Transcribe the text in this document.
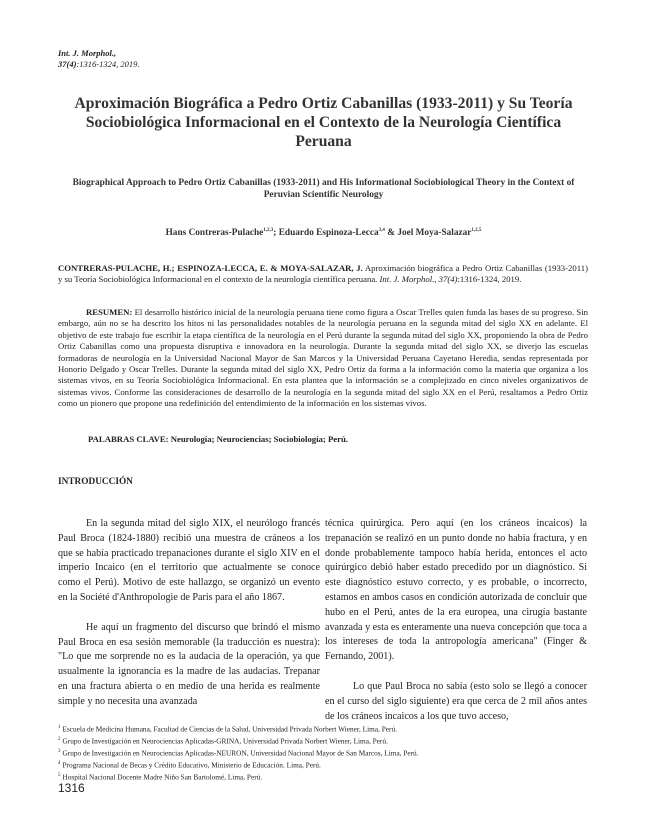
Int. J. Morphol.,
37(4):1316-1324, 2019.
Aproximación Biográfica a Pedro Ortiz Cabanillas (1933-2011) y Su Teoría Sociobiológica Informacional en el Contexto de la Neurología Científica Peruana
Biographical Approach to Pedro Ortiz Cabanillas (1933-2011) and His Informational Sociobiological Theory in the Context of Peruvian Scientific Neurology
Hans Contreras-Pulache$^{1,2,3}$; Eduardo Espinoza-Lecca$^{3,4}$ & Joel Moya-Salazar$^{1,2,5}$
CONTRERAS-PULACHE, H.; ESPINOZA-LECCA, E. & MOYA-SALAZAR, J. Aproximación biográfica a Pedro Ortiz Cabanillas (1933-2011) y su Teoría Sociobiológica Informacional en el contexto de la neurología científica peruana. Int. J. Morphol., 37(4):1316-1324, 2019.
RESUMEN: El desarrollo histórico inicial de la neurología peruana tiene como figura a Oscar Trelles quien funda las bases de su progreso. Sin embargo, aún no se ha descrito los hitos ni las personalidades notables de la neurología peruana en la segunda mitad del siglo XX en adelante. El objetivo de este trabajo fue escribir la etapa científica de la neurología en el Perú durante la segunda mitad del siglo XX, proponiendo la obra de Pedro Ortiz Cabanillas como una propuesta disruptiva e innovadora en la neurología. Durante la segunda mitad del siglo XX, se diverjo las escuelas formadoras de neurología en la Universidad Nacional Mayor de San Marcos y la Universidad Peruana Cayetano Heredia, sendas representada por Honorio Delgado y Oscar Trelles. Durante la segunda mitad del siglo XX, Pedro Ortiz da forma a la información como la materia que organiza a los sistemas vivos, en su Teoría Sociobiológica Informacional. En esta plantea que la información se a complejizado en cinco niveles organizativos de sistemas vivos. Conforme las consideraciones de desarrollo de la neurología en la segunda mitad del siglo XX en el Perú, resaltamos a Pedro Ortiz como un pionero que propone una redefinición del entendimiento de la información en los sistemas vivos.
PALABRAS CLAVE: Neurología; Neurociencias; Sociobiología; Perú.
INTRODUCCIÓN

En la segunda mitad del siglo XIX, el neurólogo francés Paul Broca (1824-1880) recibió una muestra de cráneos a los que se había practicado trepanaciones durante el siglo XIV en el imperio Incaico (en el territorio que actualmente se conoce como el Perú). Motivo de este hallazgo, se organizó un evento en la Société d'Anthropologie de Paris para el año 1867.

He aquí un fragmento del discurso que brindó el mismo Paul Broca en esa sesión memorable (la traducción es nuestra): "Lo que me sorprende no es la audacia de la operación, ya que usualmente la ignorancia es la madre de las audacias. Trepanar en una fractura abierta o en medio de una herida es realmente simple y no necesita una avanzada

técnica quirúrgica. Pero aquí (en los cráneos incaicos) la trepanación se realizó en un punto donde no había fractura, y en donde probablemente tampoco había herida, entonces el acto quirúrgico debió haber estado precedido por un diagnóstico. Si este diagnóstico estuvo correcto, y es probable, o incorrecto, estamos en ambos casos en condición autorizada de concluir que hubo en el Perú, antes de la era europea, una cirugía bastante avanzada y esta es enteramente una nueva concepción que toca a los intereses de toda la antropología americana" (Finger & Fernando, 2001).

Lo que Paul Broca no sabía (esto solo se llegó a conocer en el curso del siglo siguiente) era que cerca de 2 mil años antes de los cráneos incaicos a los que tuvo acceso,

$^1$ Escuela de Medicina Humana, Facultad de Ciencias de la Salud, Universidad Privada Norbert Wiener, Lima, Perú.
$^2$ Grupo de Investigación en Neurociencias Aplicadas-GRINA, Universidad Privada Norbert Wiener, Lima, Perú.
$^3$ Grupo de Investigación en Neurociencias Aplicadas-NEURON, Universidad Nacional Mayor de San Marcos, Lima, Perú.
$^4$ Programa Nacional de Becas y Crédito Educativo, Ministerio de Educación. Lima, Perú.
$^5$ Hospital Nacional Docente Madre Niño San Bartolomé, Lima, Perú.
1316
